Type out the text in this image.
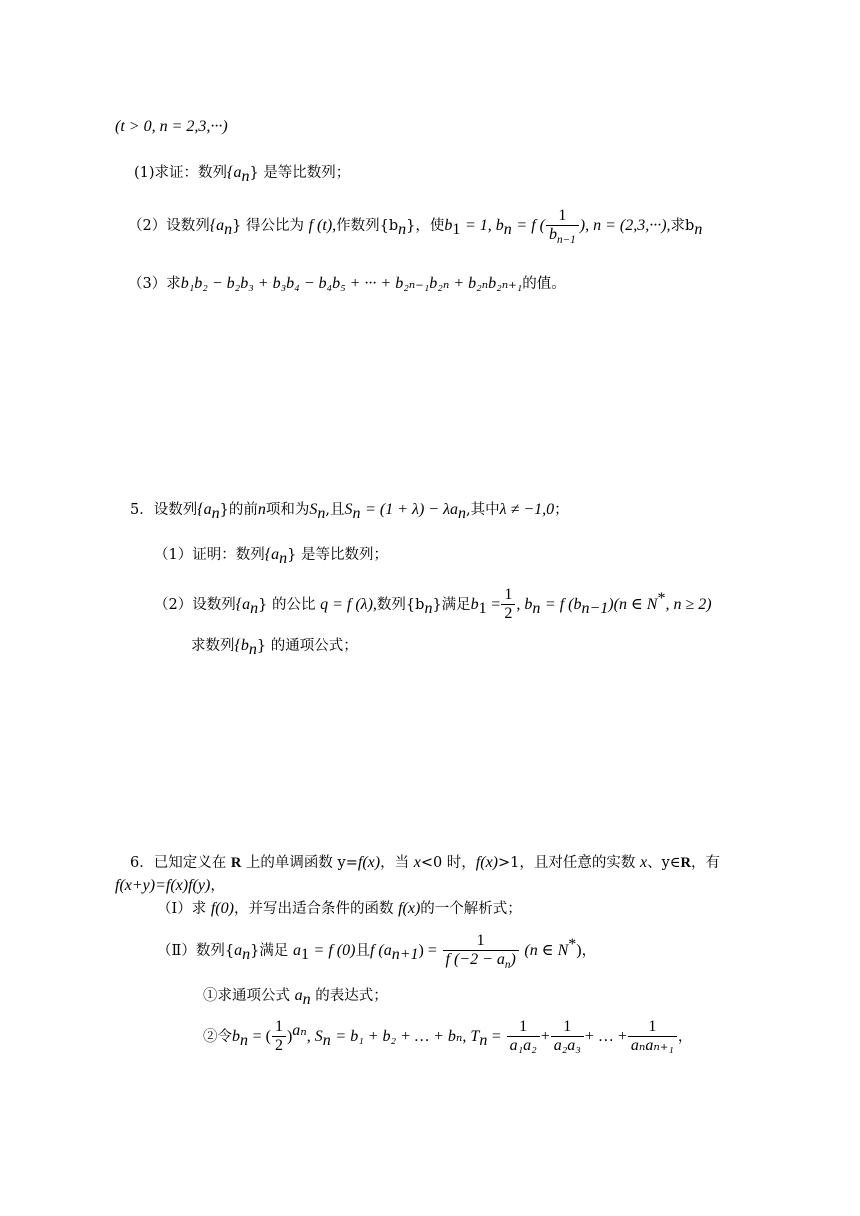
(t > 0, n = 2,3,···)
(1)求证：数列$\{a_n\}$ 是等比数列；
（2）设数列$\{a_n\}$ 得公比为 f (t),作数列$\{b_n\}$，使$b_1 = 1$, $b_n = f$ ( $\frac{1}{b_{n-1}}$ ), n = (2,3,···),求$b_n$
（3）求b₁b₂ − b₂b₃ + b₃b₄ − b₄b₅ + ··· + b₂ₙ₋₁b₂ₙ + b₂ₙb₂ₙ₊₁的值。
5．设数列$\{a_n\}$的前n项和为$S_n$,且$S_n = (1 + \lambda) - \lambda a_n$,其中λ ≠ −1,0；
（1）证明：数列$\{a_n\}$ 是等比数列；
（2）设数列$\{a_n\}$ 的公比 q = f (λ),数列$\{b_n\}$满足$b_1 = \frac{1}{2}$ , $b_n = f$ $(b_{n-1})(n$ ∈ N*, n ≥ 2)
求数列$\{b_n\}$ 的通项公式；
6．已知定义在 R 上的单调函数 y=f(x)，当 x<0 时，f(x)>1，且对任意的实数 x、y∈R，有
f(x+y)=f(x)f(y)，
（Ⅰ）求 f(0)，并写出适合条件的函数 f(x)的一个解析式；
（Ⅱ）数列$\{a_n\}$满足 $a_1 = f$ (0)且f $(a_{n+1}) = \frac{1}{f (-2 - a_n)} (n$ ∈ N*)，
①求通项公式 $a_n$ 的表达式；
②令$b_n$ = ( $\frac{1}{2} )^{a_n}$, $S_n = b_1 + b_2$ + … + bₙ, $T_n = \frac{1}{\text{a₁a₂}} + \frac{1}{\text{a₂a₃}}$ + … + $\frac{1}{\text{aₙaₙ₊₁}}$ ，
